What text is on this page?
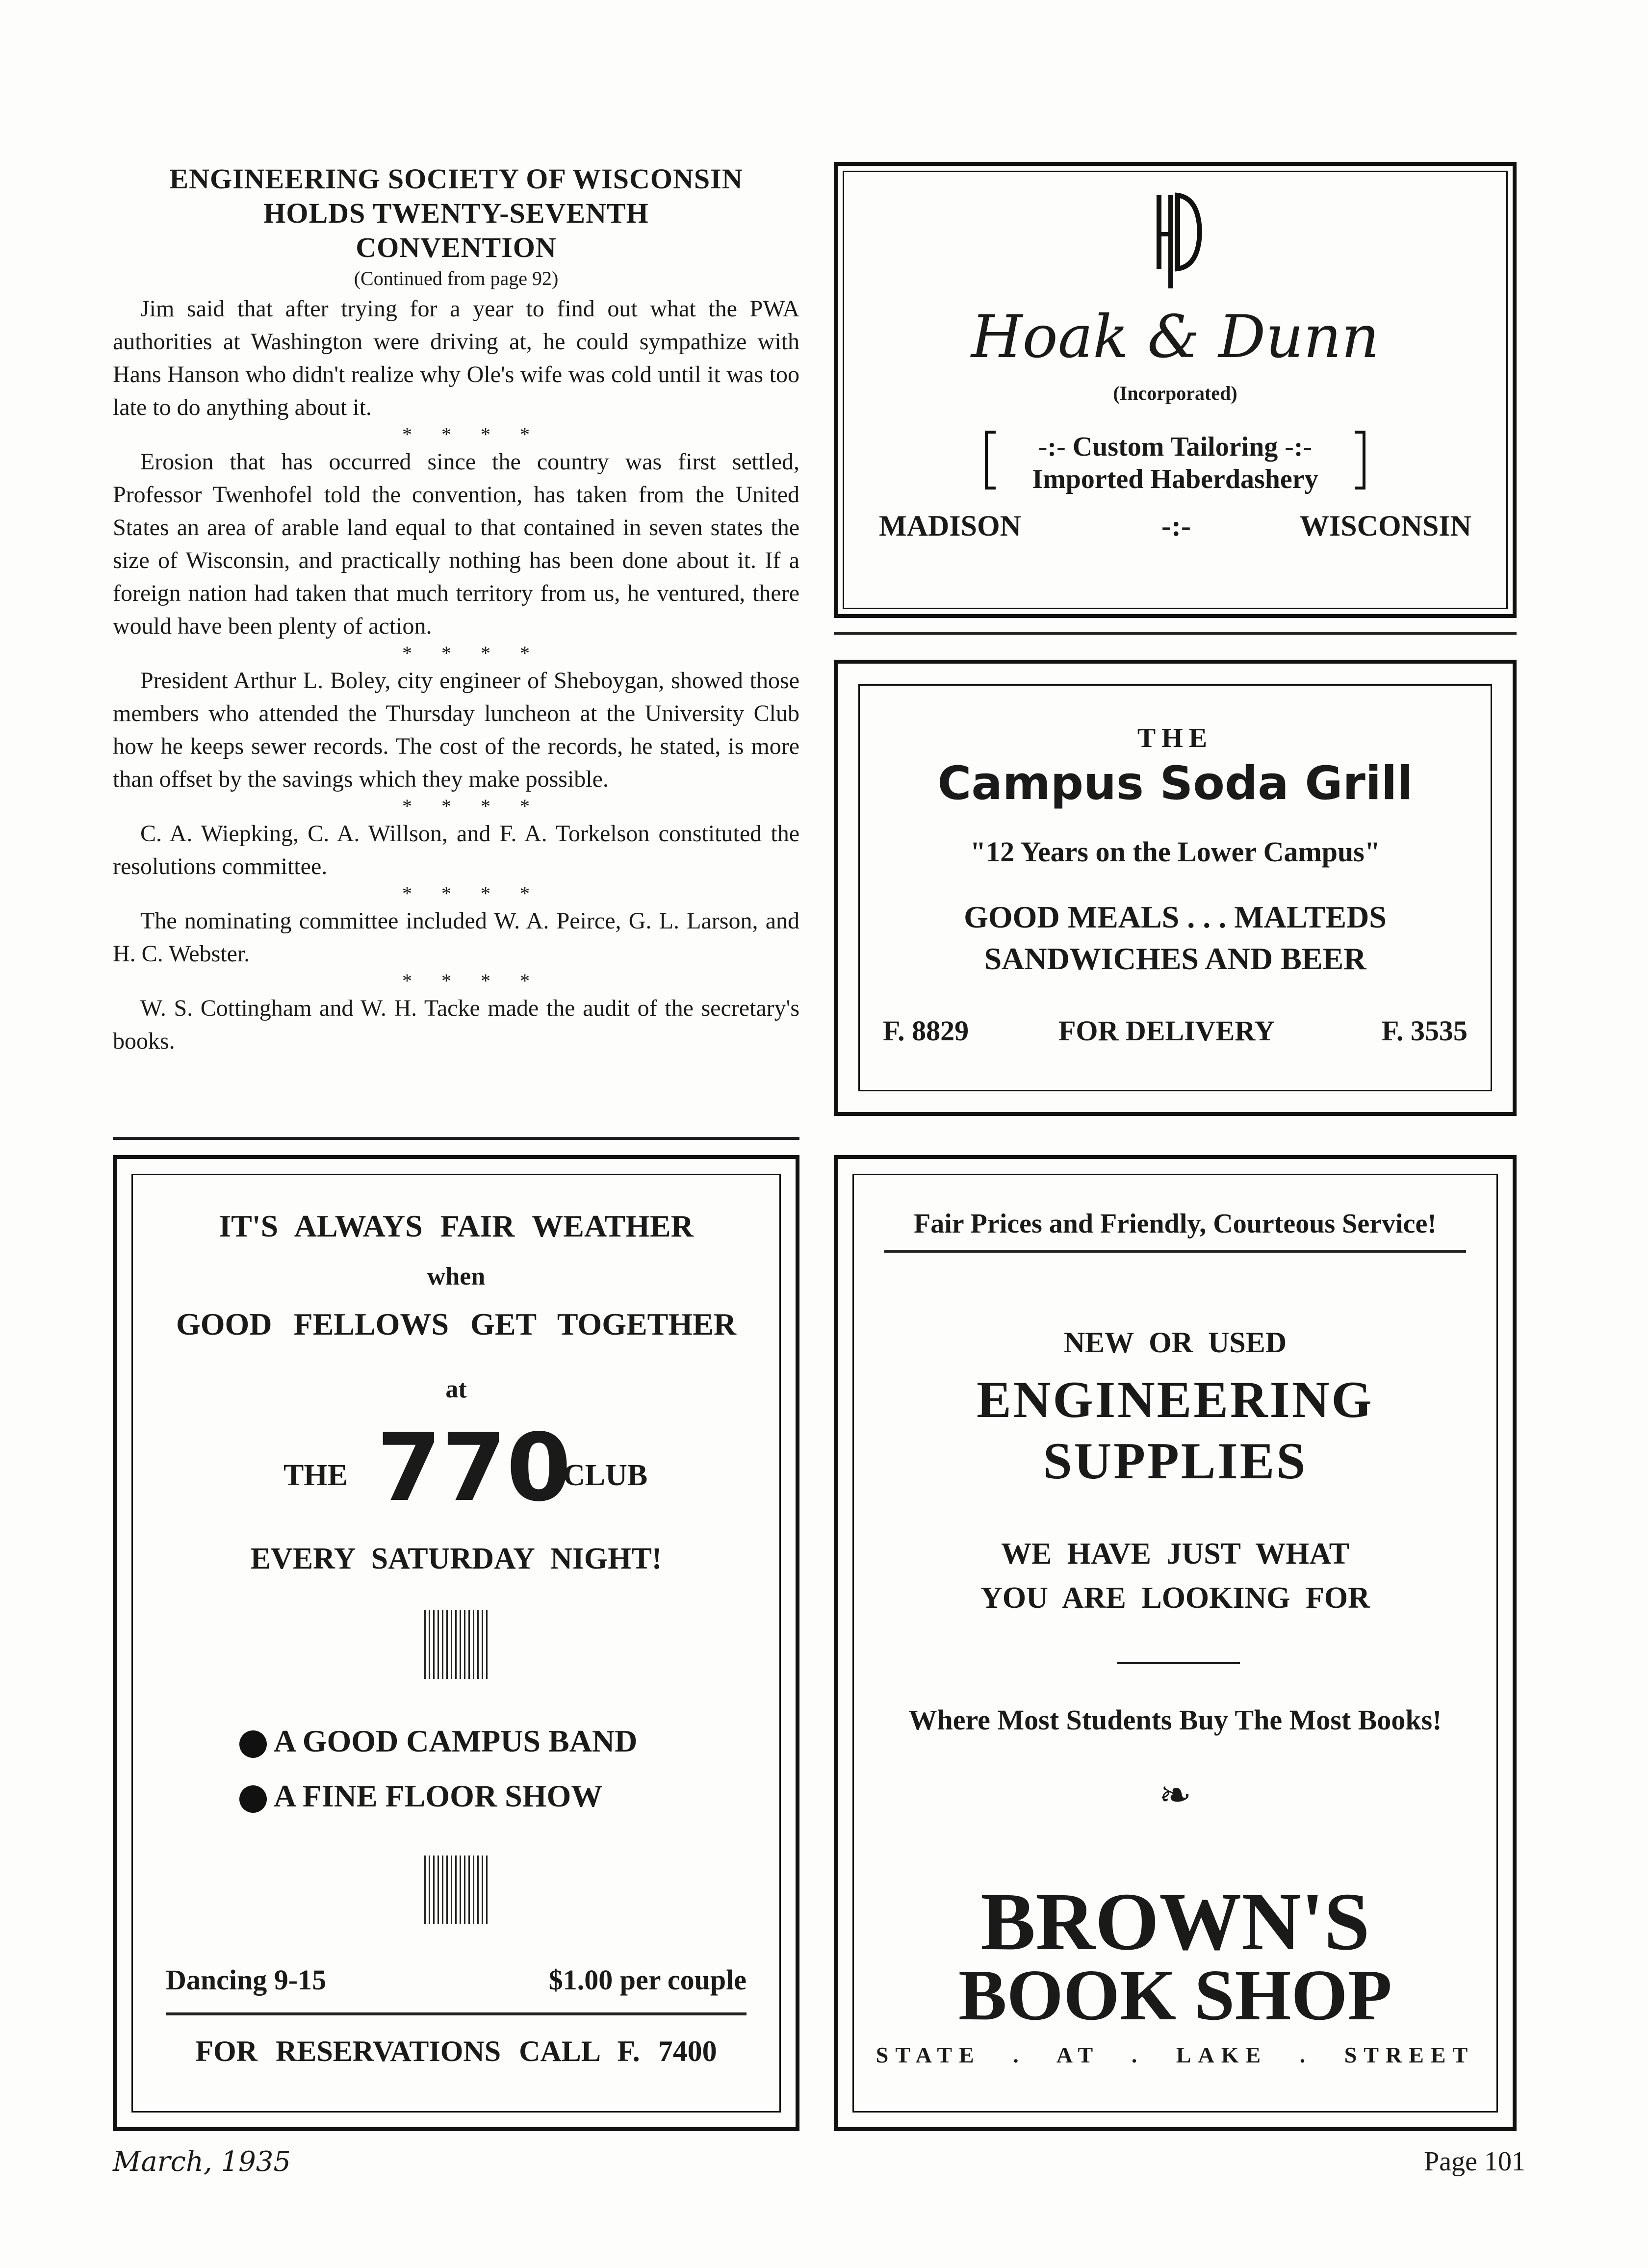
ENGINEERING SOCIETY OF WISCONSIN
HOLDS TWENTY-SEVENTH
CONVENTION
(Continued from page 92)

Jim said that after trying for a year to find out what the PWA authorities at Washington were driving at, he could sympathize with Hans Hanson who didn't realize why Ole's wife was cold until it was too late to do anything about it.

* * * *

Erosion that has occurred since the country was first settled, Professor Twenhofel told the convention, has taken from the United States an area of arable land equal to that contained in seven states the size of Wisconsin, and practically nothing has been done about it. If a foreign nation had taken that much territory from us, he ventured, there would have been plenty of action.

* * * *

President Arthur L. Boley, city engineer of Sheboygan, showed those members who attended the Thursday luncheon at the University Club how he keeps sewer records. The cost of the records, he stated, is more than offset by the savings which they make possible.

* * * *

C. A. Wiepking, C. A. Willson, and F. A. Torkelson constituted the resolutions committee.

* * * *

The nominating committee included W. A. Peirce, G. L. Larson, and H. C. Webster.

* * * *

W. S. Cottingham and W. H. Tacke made the audit of the secretary's books.

Hoak & Dunn
(Incorporated)
-:- Custom Tailoring -:-
Imported Haberdashery
MADISON	-:-	WISCONSIN
THE
Campus Soda Grill
"12 Years on the Lower Campus"
GOOD MEALS . . . MALTEDS
SANDWICHES AND BEER
F. 8829	FOR DELIVERY	F. 3535
IT'S ALWAYS FAIR WEATHER
when
GOOD FELLOWS GET TOGETHER
at
THE 770
CLUB
EVERY SATURDAY NIGHT!
A GOOD CAMPUS BAND
A FINE FLOOR SHOW
Dancing 9-15	$1.00 per couple
FOR RESERVATIONS CALL F. 7400
Fair Prices and Friendly, Courteous Service!
NEW OR USED
ENGINEERING
SUPPLIES
WE HAVE JUST WHAT
YOU ARE LOOKING FOR
Where Most Students Buy The Most Books!
❧
BROWN'S
BOOK SHOP
STATE . AT . LAKE . STREET
March, 1935	Page 101
